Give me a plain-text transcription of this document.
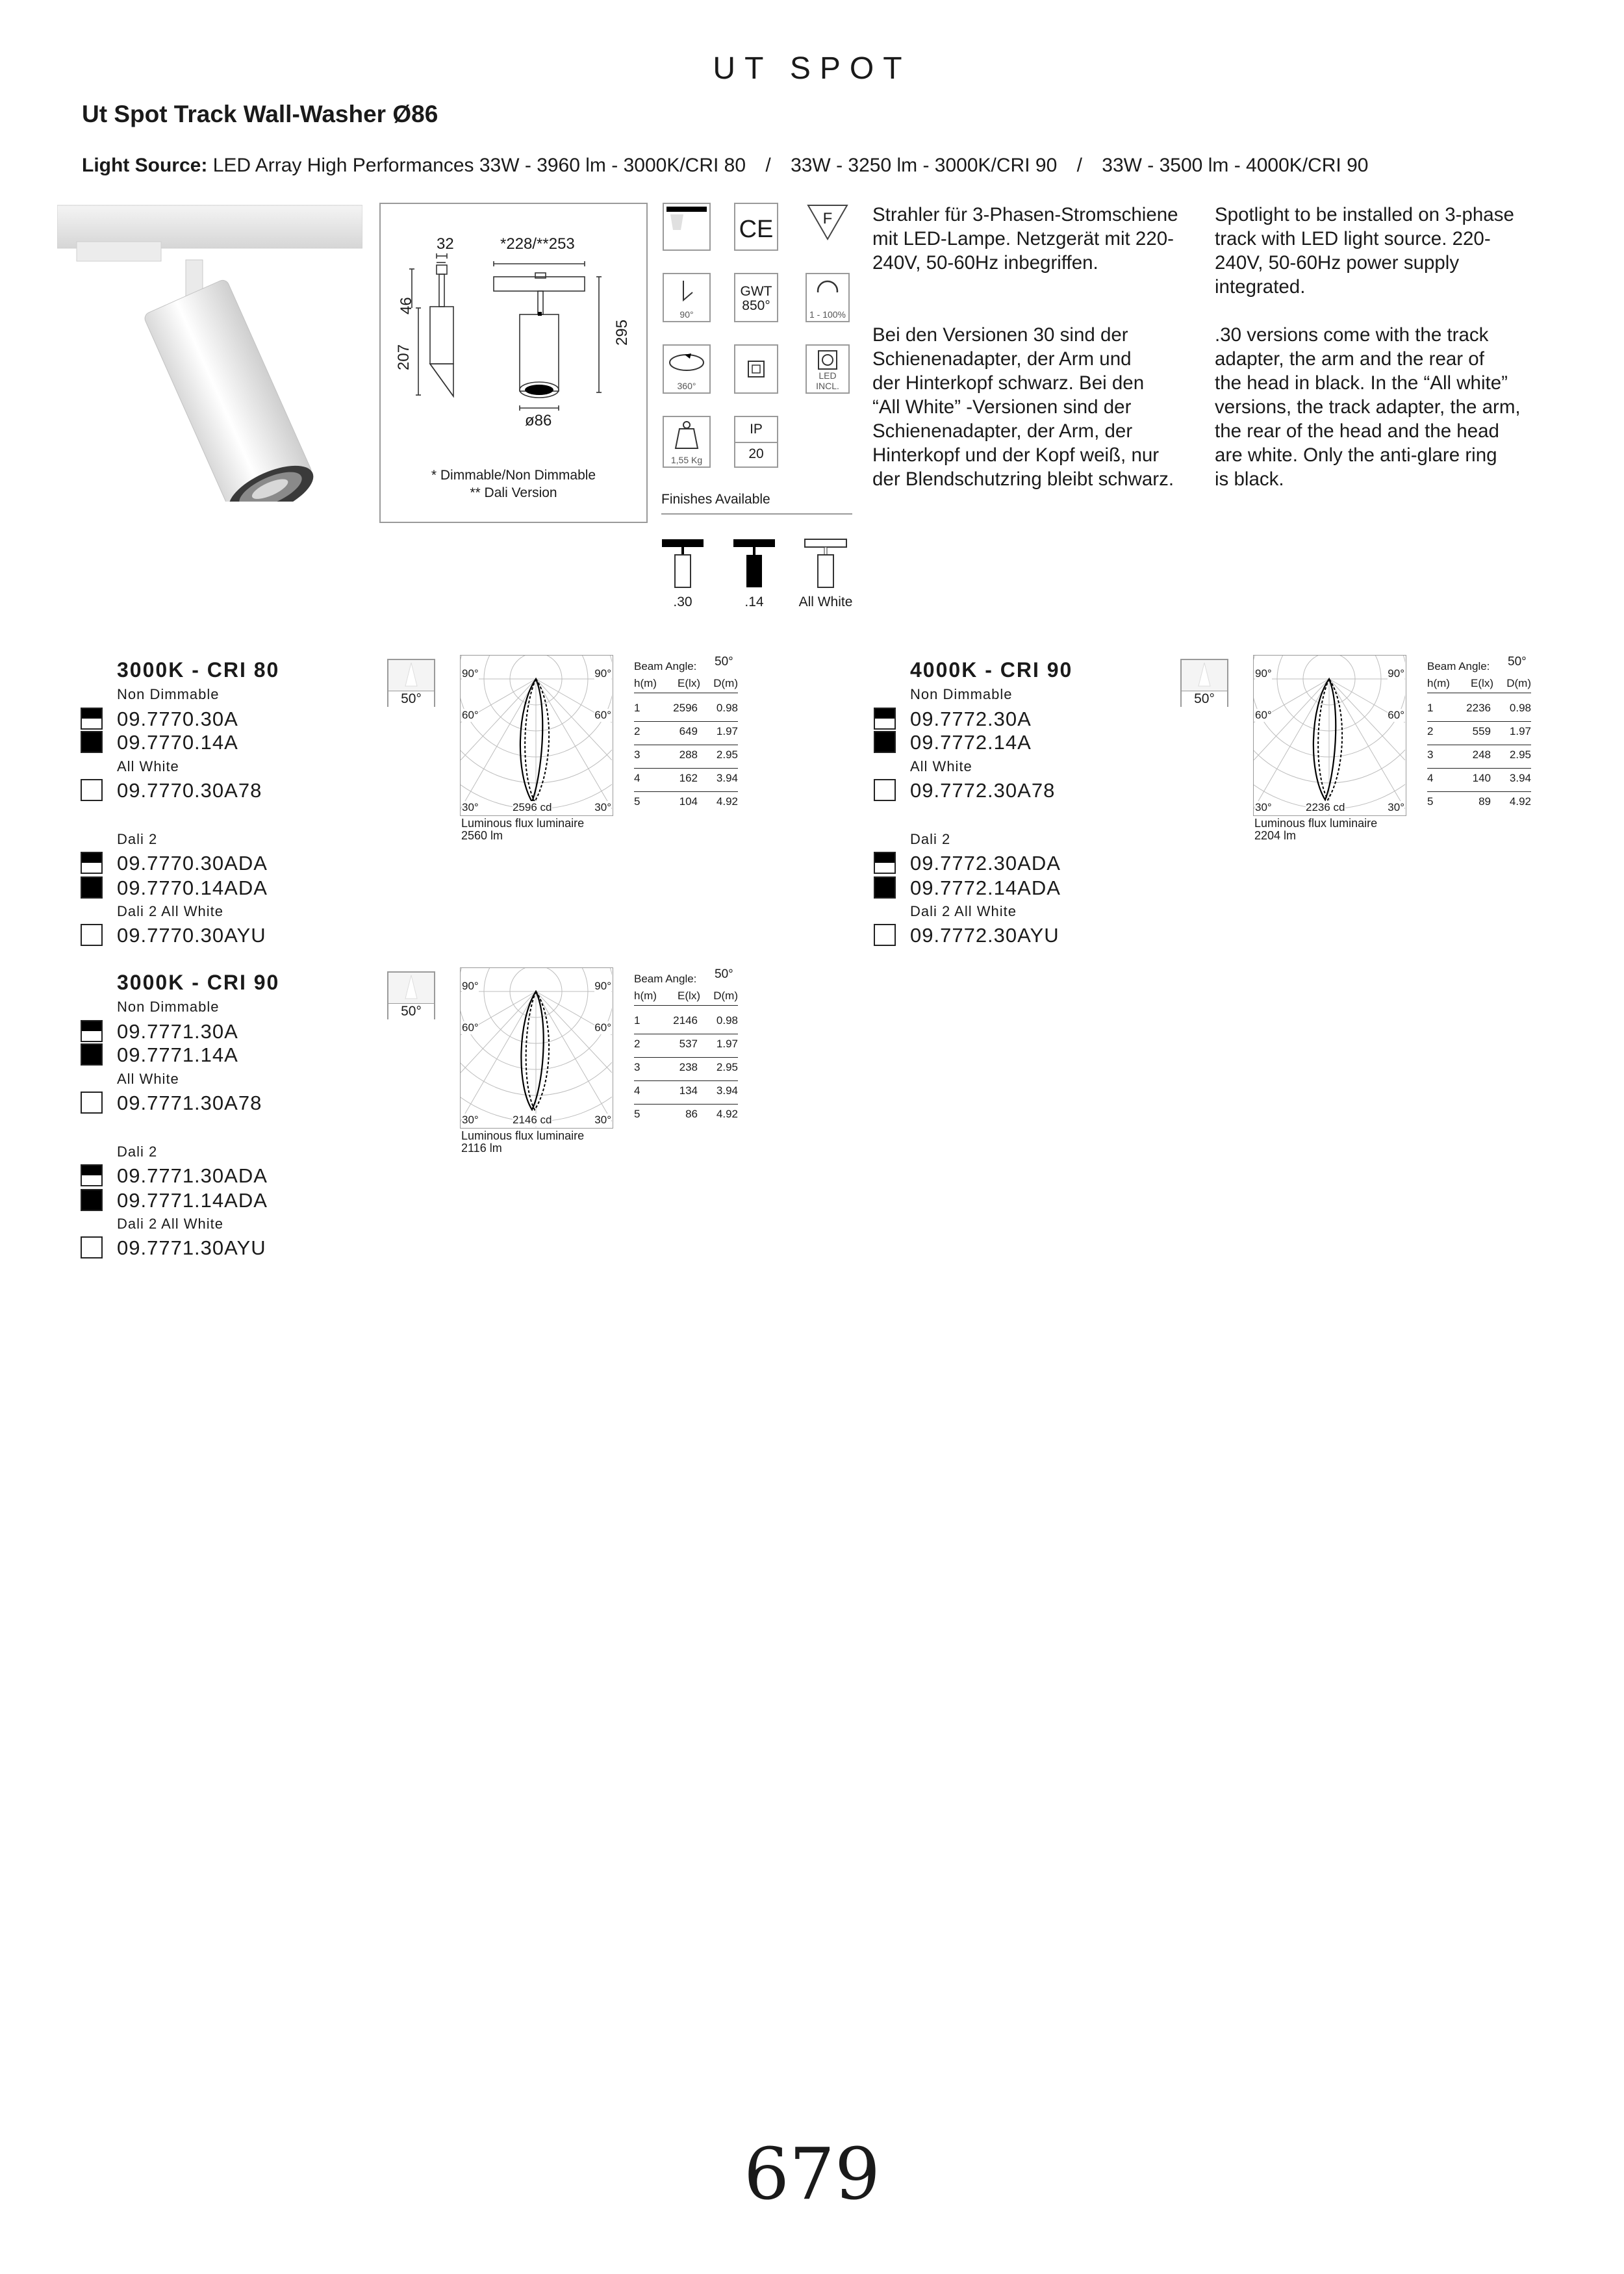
UT SPOT
Ut Spot Track Wall-Washer Ø86
Light Source: LED Array High Performances 33W - 3960 lm - 3000K/CRI 80 / 33W - 3250 lm - 3000K/CRI 90 / 33W - 3500 lm - 4000K/CRI 90
32	*228/**253
46
207
295
ø86
* Dimmable/Non Dimmable
** Dali Version
CE	F
90°
GWT
850°
1 - 100%
360°
LED INCL.
1,55 Kg
IP
20
Finishes Available
.30	.14	All White
Strahler für 3-Phasen-Stromschiene
mit LED-Lampe. Netzgerät mit 220-
240V, 50-60Hz inbegriffen.
Bei den Versionen 30 sind der
Schienenadapter, der Arm und
der Hinterkopf schwarz. Bei den
“All White” -Versionen sind der
Schienenadapter, der Arm, der
Hinterkopf und der Kopf weiß, nur
der Blendschutzring bleibt schwarz.
Spotlight to be installed on 3-phase
track with LED light source. 220-
240V, 50-60Hz power supply
integrated.
.30 versions come with the track
adapter, the arm and the rear of
the head in black. In the “All white”
versions, the track adapter, the arm,
the rear of the head and the head
are white. Only the anti-glare ring
is black.
3000K - CRI 80
Non Dimmable
09.7770.30A
09.7770.14A
All White
09.7770.30A78
Dali 2
09.7770.30ADA
09.7770.14ADA
Dali 2 All White
09.7770.30AYU
50°
90°	90°
60°	60°
30°	30°
2596 cd
Luminous flux luminaire
2560 lm
Beam Angle: 50°
h(m) E(lx) D(m)
1	2596 0.98
2	649 1.97
3	288 2.95
4	162 3.94
5	104 4.92
3000K - CRI 90
Non Dimmable
09.7771.30A
09.7771.14A
All White
09.7771.30A78
Dali 2
09.7771.30ADA
09.7771.14ADA
Dali 2 All White
09.7771.30AYU
50°
90°	90°
60°	60°
30°	30°
2146 cd
Luminous flux luminaire
2116 lm
Beam Angle: 50°
h(m) E(lx) D(m)
1	2146 0.98
2	537 1.97
3	238 2.95
4	134 3.94
5	86 4.92
4000K - CRI 90
Non Dimmable
09.7772.30A
09.7772.14A
All White
09.7772.30A78
Dali 2
09.7772.30ADA
09.7772.14ADA
Dali 2 All White
09.7772.30AYU
50°
90°	90°
60°	60°
30°	30°
2236 cd
Luminous flux luminaire
2204 lm
Beam Angle: 50°
h(m) E(lx) D(m)
1	2236 0.98
2	559 1.97
3	248 2.95
4	140 3.94
5	89 4.92
679
